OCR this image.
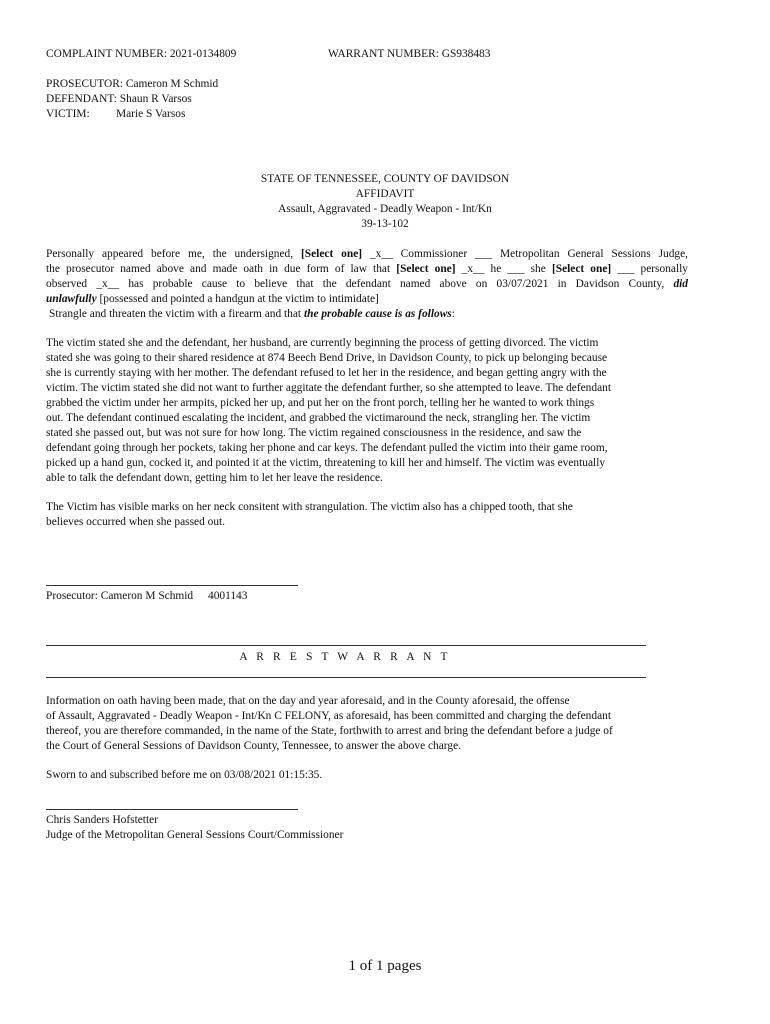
COMPLAINT NUMBER: 2021-0134809	WARRANT NUMBER: GS938483
PROSECUTOR: Cameron M Schmid
DEFENDANT: Shaun R Varsos
VICTIM: Marie S Varsos
STATE OF TENNESSEE, COUNTY OF DAVIDSON
AFFIDAVIT
Assault, Aggravated - Deadly Weapon - Int/Kn
39-13-102
Personally appeared before me, the undersigned, [Select one] _x__ Commissioner ___ Metropolitan General Sessions Judge,
the prosecutor named above and made oath in due form of law that [Select one] _x__ he ___ she [Select one] ___ personally
observed _x__ has probable cause to believe that the defendant named above on 03/07/2021 in Davidson County, did
unlawfully [possessed and pointed a handgun at the victim to intimidate]
Strangle and threaten the victim with a firearm and that the probable cause is as follows:
The victim stated she and the defendant, her husband, are currently beginning the process of getting divorced. The victim
stated she was going to their shared residence at 874 Beech Bend Drive, in Davidson County, to pick up belonging because
she is currently staying with her mother. The defendant refused to let her in the residence, and began getting angry with the
victim. The victim stated she did not want to further aggitate the defendant further, so she attempted to leave. The defendant
grabbed the victim under her armpits, picked her up, and put her on the front porch, telling her he wanted to work things
out. The defendant continued escalating the incident, and grabbed the victimaround the neck, strangling her. The victim
stated she passed out, but was not sure for how long. The victim regained consciousness in the residence, and saw the
defendant going through her pockets, taking her phone and car keys. The defendant pulled the victim into their game room,
picked up a hand gun, cocked it, and pointed it at the victim, threatening to kill her and himself. The victim was eventually
able to talk the defendant down, getting him to let her leave the residence.
The Victim has visible marks on her neck consitent with strangulation. The victim also has a chipped tooth, that she
believes occurred when she passed out.
Prosecutor: Cameron M Schmid 4001143
A R R E S T W A R R A N T
Information on oath having been made, that on the day and year aforesaid, and in the County aforesaid, the offense
of Assault, Aggravated - Deadly Weapon - Int/Kn C FELONY, as aforesaid, has been committed and charging the defendant
thereof, you are therefore commanded, in the name of the State, forthwith to arrest and bring the defendant before a judge of
the Court of General Sessions of Davidson County, Tennessee, to answer the above charge.
Sworn to and subscribed before me on 03/08/2021 01:15:35.
Chris Sanders Hofstetter
Judge of the Metropolitan General Sessions Court/Commissioner
1 of 1 pages
